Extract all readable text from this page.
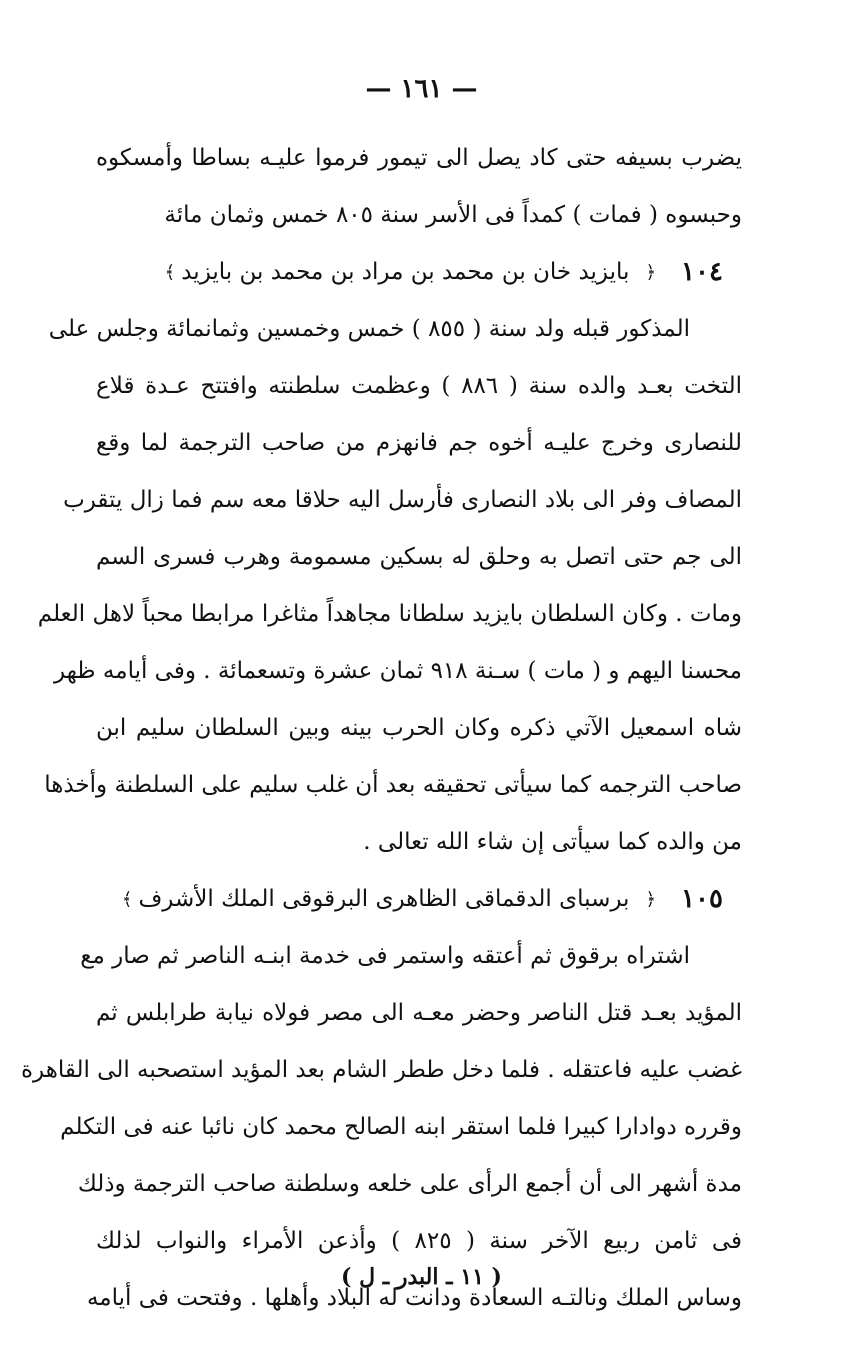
— ١٦١ —
يضرب بسيفه حتى كاد يصل الى تيمور فرموا عليـه بساطا وأمسكوه
وحبسوه ( فمات ) كمداً فى الأسر سنة ٨٠٥ خمس وثمان مائة
١٠٤
﴿
بايزيد خان بن محمد بن مراد بن محمد بن بايزيد
﴾
المذكور قبله ولد سنة ( ٨٥٥ ) خمس وخمسين وثمانمائة وجلس على
التخت بعـد والده سنة ( ٨٨٦ ) وعظمت سلطنته وافتتح عـدة قلاع
للنصارى وخرج عليـه أخوه جم فانهزم من صاحب الترجمة لما وقع
المصاف وفر الى بلاد النصارى فأرسل اليه حلاقا معه سم فما زال يتقرب
الى جم حتى اتصل به وحلق له بسكين مسمومة وهرب فسرى السم
ومات . وكان السلطان بايزيد سلطانا مجاهداً مثاغرا مرابطا محباً لاهل العلم
محسنا اليهم و ( مات ) سـنة ٩١٨ ثمان عشرة وتسعمائة . وفى أيامه ظهر
شاه اسمعيل الآتي ذكره وكان الحرب بينه وبين السلطان سليم ابن
صاحب الترجمه كما سيأتى تحقيقه بعد أن غلب سليم على السلطنة وأخذها
من والده كما سيأتى إن شاء الله تعالى .
١٠٥
﴿
برسباى الدقماقى الظاهرى البرقوقى الملك الأشرف
﴾
اشتراه برقوق ثم أعتقه واستمر فى خدمة ابنـه الناصر ثم صار مع
المؤيد بعـد قتل الناصر وحضر معـه الى مصر فولاه نيابة طرابلس ثم
غضب عليه فاعتقله . فلما دخل ططر الشام بعد المؤيد استصحبه الى القاهرة
وقرره دوادارا كبيرا فلما استقر ابنه الصالح محمد كان نائبا عنه فى التكلم
مدة أشهر الى أن أجمع الرأى على خلعه وسلطنة صاحب الترجمة وذلك
فى ثامن ربيع الآخر سنة ( ٨٢٥ ) وأذعن الأمراء والنواب لذلك
وساس الملك ونالتـه السعادة ودانت له البلاد وأهلها . وفتحت فى أيامه
( ١١ ـ البدر ـ ل )
